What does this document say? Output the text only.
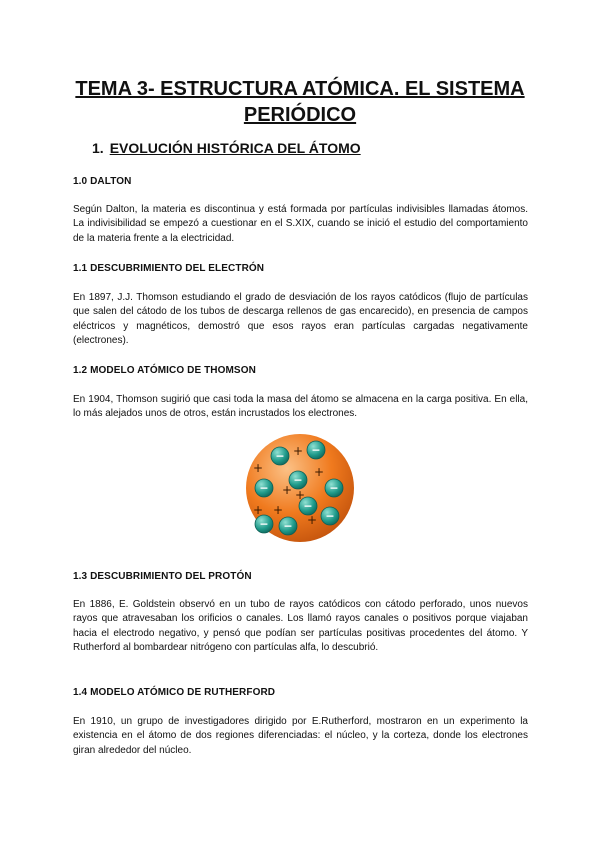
TEMA 3- ESTRUCTURA ATÓMICA. EL SISTEMA PERIÓDICO
1. EVOLUCIÓN HISTÓRICA DEL ÁTOMO
1.0 DALTON

Según Dalton, la materia es discontinua y está formada por partículas indivisibles llamadas átomos. La indivisibilidad se empezó a cuestionar en el S.XIX, cuando se inició el estudio del comportamiento de la materia frente a la electricidad.

1.1 DESCUBRIMIENTO DEL ELECTRÓN

En 1897, J.J. Thomson estudiando el grado de desviación de los rayos catódicos (flujo de partículas que salen del cátodo de los tubos de descarga rellenos de gas encarecido), en presencia de campos eléctricos y magnéticos, demostró que esos rayos eran partículas cargadas negativamente (electrones).

1.2 MODELO ATÓMICO DE THOMSON

En 1904, Thomson sugirió que casi toda la masa del átomo se almacena en la carga positiva. En ella, lo más alejados unos de otros, están incrustados los electrones.

− −
−
−
−
−
− −
−
+
+	+
+ +
+
+
+
1.3 DESCUBRIMIENTO DEL PROTÓN

En 1886, E. Goldstein observó en un tubo de rayos catódicos con cátodo perforado, unos nuevos rayos que atravesaban los orificios o canales. Los llamó rayos canales o positivos porque viajaban hacia el electrodo negativo, y pensó que podían ser partículas positivas procedentes del átomo. Y Rutherford al bombardear nitrógeno con partículas alfa, lo descubrió.

1.4 MODELO ATÓMICO DE RUTHERFORD

En 1910, un grupo de investigadores dirigido por E.Rutherford, mostraron en un experimento la existencia en el átomo de dos regiones diferenciadas: el núcleo, y la corteza, donde los electrones giran alrededor del núcleo.
